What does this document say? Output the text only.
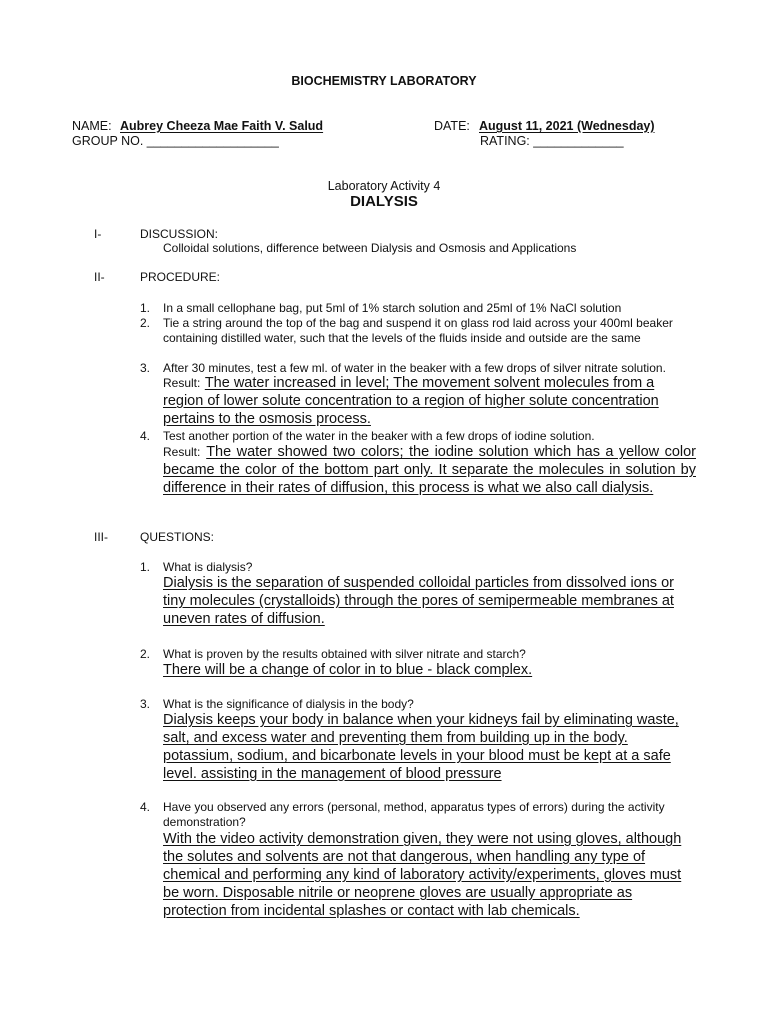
BIOCHEMISTRY LABORATORY
NAME: Aubrey Cheeza Mae Faith V. Salud	DATE: August 11, 2021 (Wednesday)
GROUP NO. ___________________	RATING: _____________
Laboratory Activity 4
DIALYSIS
I-	DISCUSSION:
Colloidal solutions, difference between Dialysis and Osmosis and Applications
II-	PROCEDURE:
1. In a small cellophane bag, put 5ml of 1% starch solution and 25ml of 1% NaCl solution
2. Tie a string around the top of the bag and suspend it on glass rod laid across your 400ml beaker containing distilled water, such that the levels of the fluids inside and outside are the same
3. After 30 minutes, test a few ml. of water in the beaker with a few drops of silver nitrate solution.
Result: The water increased in level; The movement solvent molecules from a region of lower solute concentration to a region of higher solute concentration pertains to the osmosis process.
4. Test another portion of the water in the beaker with a few drops of iodine solution.
Result: The water showed two colors; the iodine solution which has a yellow color became the color of the bottom part only. It separate the molecules in solution by difference in their rates of diffusion, this process is what we also call dialysis.
III-	QUESTIONS:
1. What is dialysis?
Dialysis is the separation of suspended colloidal particles from dissolved ions or tiny molecules (crystalloids) through the pores of semipermeable membranes at uneven rates of diffusion.
2. What is proven by the results obtained with silver nitrate and starch?
There will be a change of color in to blue - black complex.
3. What is the significance of dialysis in the body?
Dialysis keeps your body in balance when your kidneys fail by eliminating waste, salt, and excess water and preventing them from building up in the body. potassium, sodium, and bicarbonate levels in your blood must be kept at a safe level. assisting in the management of blood pressure
4. Have you observed any errors (personal, method, apparatus types of errors) during the activity demonstration?
With the video activity demonstration given, they were not using gloves, although the solutes and solvents are not that dangerous, when handling any type of chemical and performing any kind of laboratory activity/experiments, gloves must be worn. Disposable nitrile or neoprene gloves are usually appropriate as protection from incidental splashes or contact with lab chemicals.
